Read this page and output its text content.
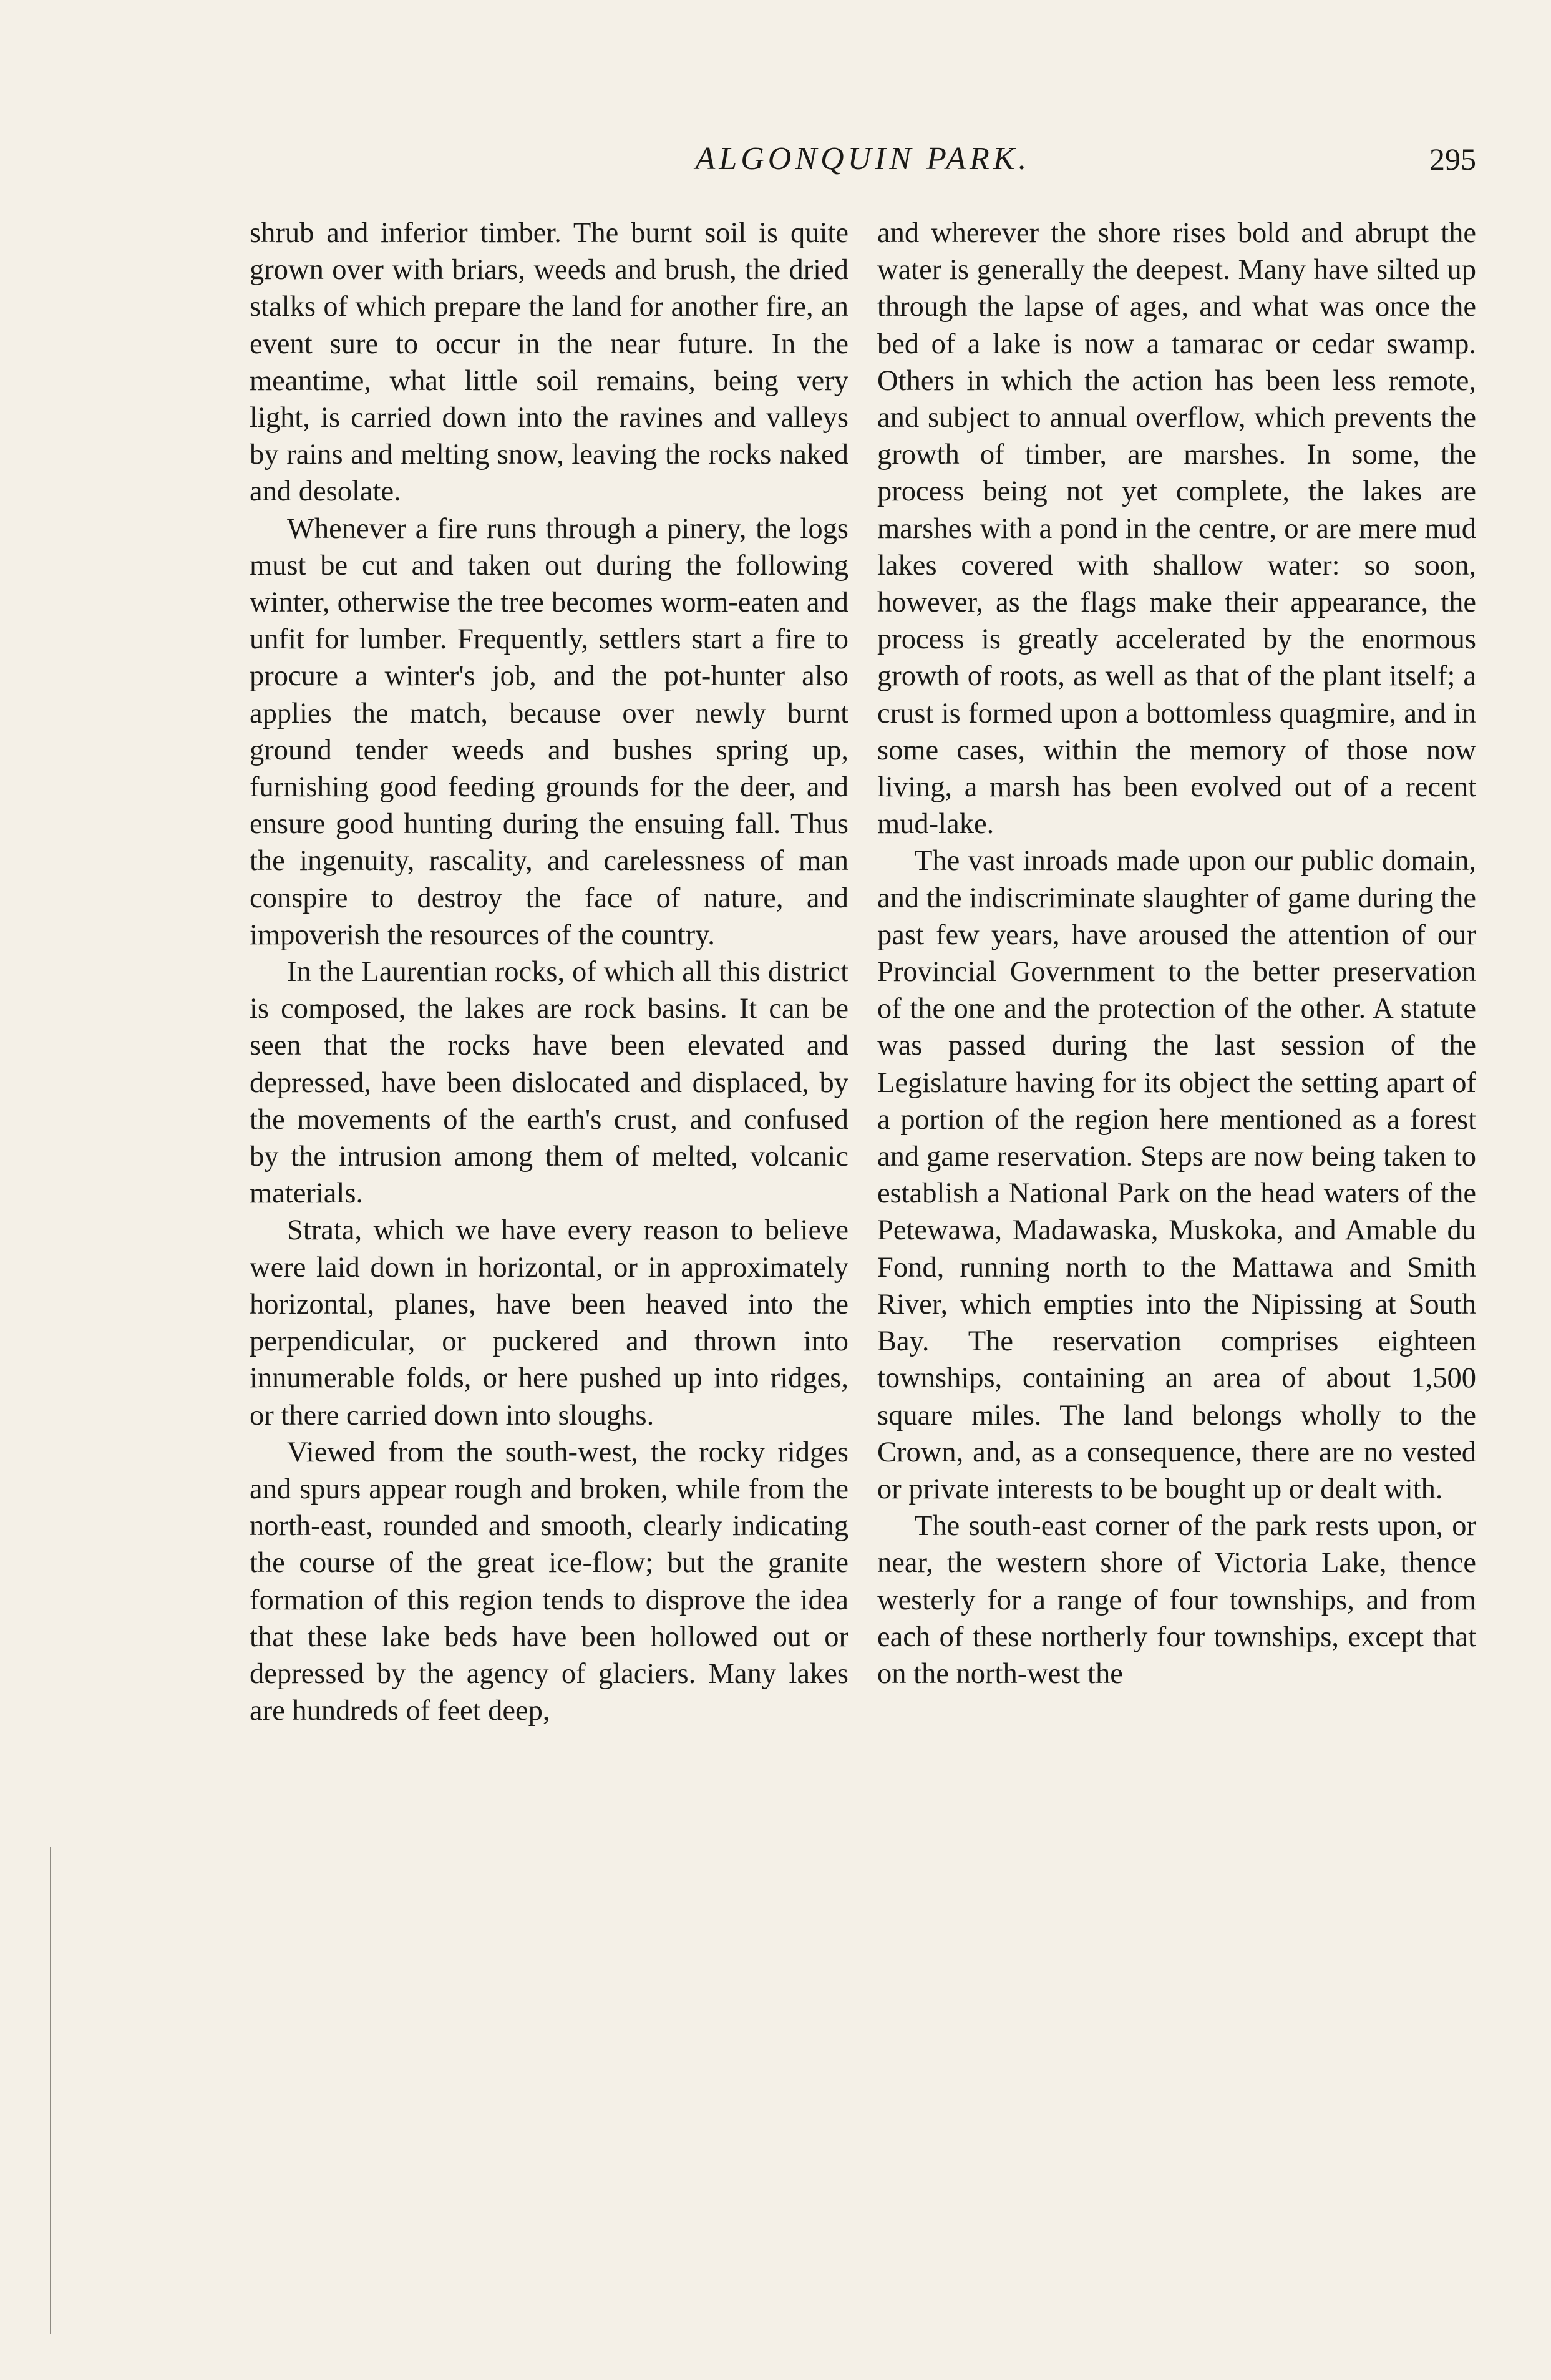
ALGONQUIN PARK.	295

shrub and inferior timber. The burnt soil is quite grown over with briars, weeds and brush, the dried stalks of which prepare the land for another fire, an event sure to occur in the near future. In the meantime, what little soil remains, being very light, is carried down into the ravines and valleys by rains and melting snow, leaving the rocks naked and desolate.

Whenever a fire runs through a pinery, the logs must be cut and taken out during the following winter, otherwise the tree becomes worm-eaten and unfit for lumber. Frequently, settlers start a fire to procure a winter's job, and the pot-hunter also applies the match, because over newly burnt ground tender weeds and bushes spring up, furnishing good feeding grounds for the deer, and ensure good hunting during the ensuing fall. Thus the ingenuity, rascality, and carelessness of man conspire to destroy the face of nature, and impoverish the resources of the country.

In the Laurentian rocks, of which all this district is composed, the lakes are rock basins. It can be seen that the rocks have been elevated and depressed, have been dislocated and displaced, by the movements of the earth's crust, and confused by the intrusion among them of melted, volcanic materials.

Strata, which we have every reason to believe were laid down in horizontal, or in approximately horizontal, planes, have been heaved into the perpendicular, or puckered and thrown into innumerable folds, or here pushed up into ridges, or there carried down into sloughs.

Viewed from the south-west, the rocky ridges and spurs appear rough and broken, while from the north-east, rounded and smooth, clearly indicating the course of the great ice-flow; but the granite formation of this region tends to disprove the idea that these lake beds have been hollowed out or depressed by the agency of glaciers. Many lakes are hundreds of feet deep,

and wherever the shore rises bold and abrupt the water is generally the deepest. Many have silted up through the lapse of ages, and what was once the bed of a lake is now a tamarac or cedar swamp. Others in which the action has been less remote, and subject to annual overflow, which prevents the growth of timber, are marshes. In some, the process being not yet complete, the lakes are marshes with a pond in the centre, or are mere mud lakes covered with shallow water: so soon, however, as the flags make their appearance, the process is greatly accelerated by the enormous growth of roots, as well as that of the plant itself; a crust is formed upon a bottomless quagmire, and in some cases, within the memory of those now living, a marsh has been evolved out of a recent mud-lake.

The vast inroads made upon our public domain, and the indiscriminate slaughter of game during the past few years, have aroused the attention of our Provincial Government to the better preservation of the one and the protection of the other. A statute was passed during the last session of the Legislature having for its object the setting apart of a portion of the region here mentioned as a forest and game reservation. Steps are now being taken to establish a National Park on the head waters of the Petewawa, Madawaska, Muskoka, and Amable du Fond, running north to the Mattawa and Smith River, which empties into the Nipissing at South Bay. The reservation comprises eighteen townships, containing an area of about 1,500 square miles. The land belongs wholly to the Crown, and, as a consequence, there are no vested or private interests to be bought up or dealt with.

The south-east corner of the park rests upon, or near, the western shore of Victoria Lake, thence westerly for a range of four townships, and from each of these northerly four townships, except that on the north-west the
